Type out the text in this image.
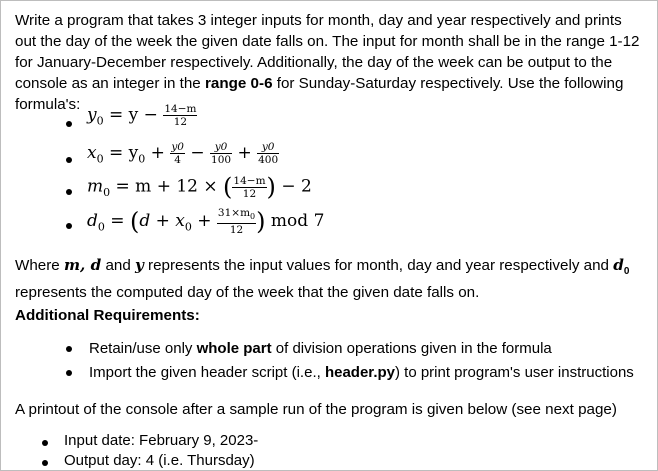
Write a program that takes 3 integer inputs for month, day and year respectively and prints out the day of the week the given date falls on. The input for month shall be in the range 1-12 for January-December respectively. Additionally, the day of the week can be output to the console as an integer in the range 0-6 for Sunday-Saturday respectively. Use the following formula's:

$y_0 = y - \frac{14-m}{12}$
$x_0 = y_0 + \frac{y0}{4} - \frac{y0}{100} + \frac{y0}{400}$
$m_0 = m + 12$ × ( $\frac{14-m}{12}$ ) − 2
$d_0 = (d + x_0 + \frac{31\times m_0}{12}$ ) mod 7

Where m, d and y represents the input values for month, day and year respectively and $d_0$ represents the computed day of the week that the given date falls on.

Additional Requirements:

Retain/use only whole part of division operations given in the formula
Import the given header script (i.e., header.py) to print program's user instructions

A printout of the console after a sample run of the program is given below (see next page)

Input date: February 9, 2023-
Output day: 4 (i.e. Thursday)
